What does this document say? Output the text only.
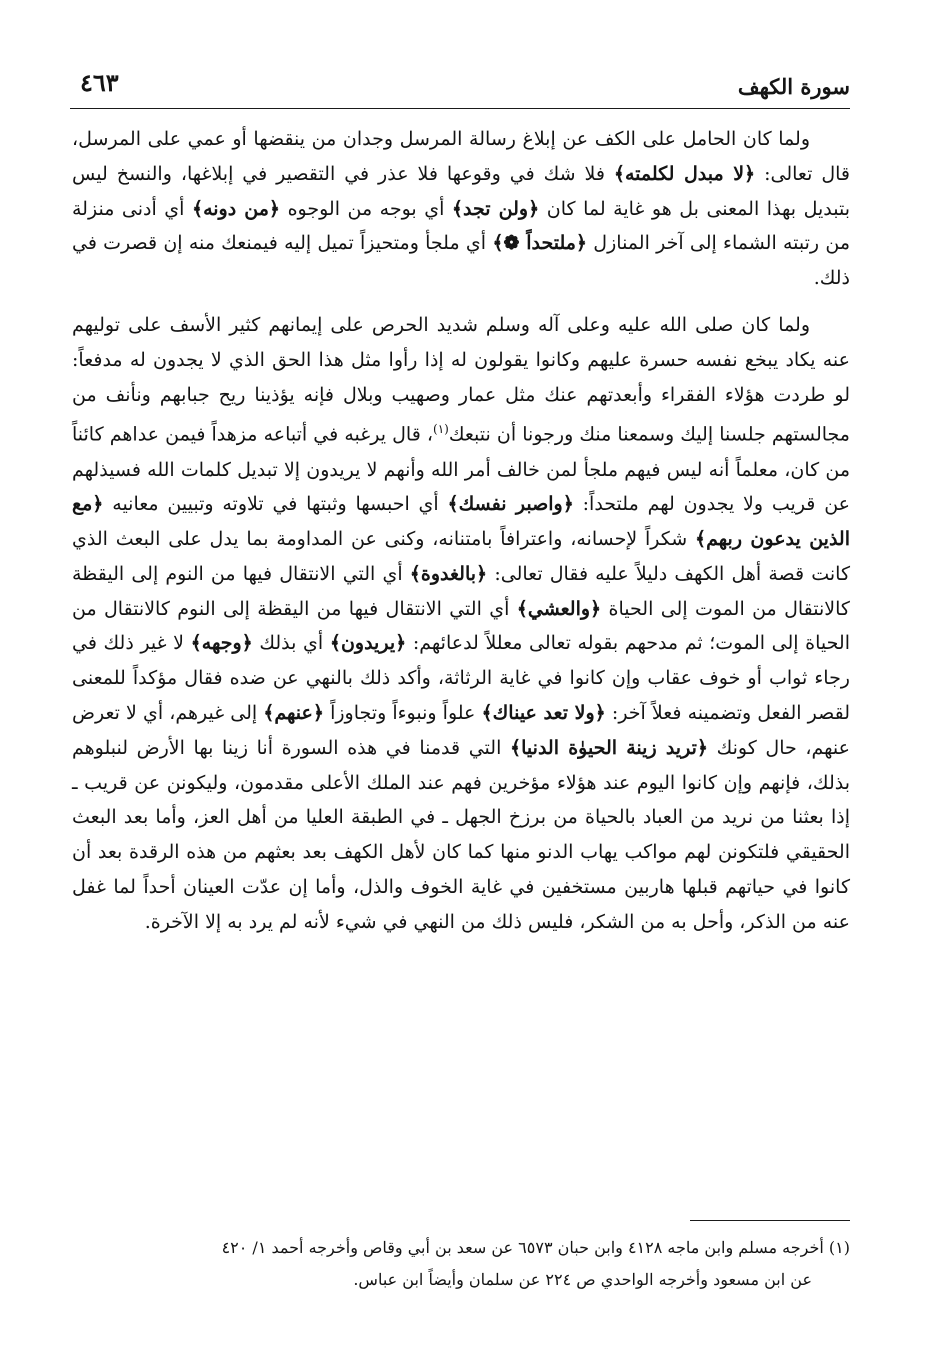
٤٦٣	سورة الكهف

ولما كان الحامل على الكف عن إبلاغ رسالة المرسل وجدان من ينقضها أو عمي على المرسل، قال تعالى: ﴿لا مبدل لكلمته﴾ فلا شك في وقوعها فلا عذر في التقصير في إبلاغها، والنسخ ليس بتبديل بهذا المعنى بل هو غاية لما كان ﴿ولن تجد﴾ أي بوجه من الوجوه ﴿من دونه﴾ أي أدنى منزلة من رتبته الشماء إلى آخر المنازل ﴿ملتحداً ❁﴾ أي ملجأ ومتحيزاً تميل إليه فيمنعك منه إن قصرت في ذلك.

ولما كان صلى الله عليه وعلى آله وسلم شديد الحرص على إيمانهم كثير الأسف على توليهم عنه يكاد يبخع نفسه حسرة عليهم وكانوا يقولون له إذا رأوا مثل هذا الحق الذي لا يجدون له مدفعاً: لو طردت هؤلاء الفقراء وأبعدتهم عنك مثل عمار وصهيب وبلال فإنه يؤذينا ريح جبابهم ونأنف من مجالستهم جلسنا إليك وسمعنا منك ورجونا أن نتبعك$^{(١)}$، قال يرغبه في أتباعه مزهداً فيمن عداهم كائناً من كان، معلماً أنه ليس فيهم ملجأ لمن خالف أمر الله وأنهم لا يريدون إلا تبديل كلمات الله فسيذلهم عن قريب ولا يجدون لهم ملتحداً: ﴿واصبر نفسك﴾ أي احبسها وثبتها في تلاوته وتبيين معانيه ﴿مع الذين يدعون ربهم﴾ شكراً لإحسانه، واعترافاً بامتنانه، وكنى عن المداومة بما يدل على البعث الذي كانت قصة أهل الكهف دليلاً عليه فقال تعالى: ﴿بالغدوة﴾ أي التي الانتقال فيها من النوم إلى اليقظة كالانتقال من الموت إلى الحياة ﴿والعشي﴾ أي التي الانتقال فيها من اليقظة إلى النوم كالانتقال من الحياة إلى الموت؛ ثم مدحهم بقوله تعالى معللاً لدعائهم: ﴿يريدون﴾ أي بذلك ﴿وجهه﴾ لا غير ذلك في رجاء ثواب أو خوف عقاب وإن كانوا في غاية الرثاثة، وأكد ذلك بالنهي عن ضده فقال مؤكداً للمعنى لقصر الفعل وتضمينه فعلاً آخر: ﴿ولا تعد عيناك﴾ علواً ونبوءاً وتجاوزاً ﴿عنهم﴾ إلى غيرهم، أي لا تعرض عنهم، حال كونك ﴿تريد زينة الحيوٰة الدنيا﴾ التي قدمنا في هذه السورة أنا زينا بها الأرض لنبلوهم بذلك، فإنهم وإن كانوا اليوم عند هؤلاء مؤخرين فهم عند الملك الأعلى مقدمون، وليكونن عن قريب ـ إذا بعثنا من نريد من العباد بالحياة من برزخ الجهل ـ في الطبقة العليا من أهل العز، وأما بعد البعث الحقيقي فلتكونن لهم مواكب يهاب الدنو منها كما كان لأهل الكهف بعد بعثهم من هذه الرقدة بعد أن كانوا في حياتهم قبلها هاربين مستخفين في غاية الخوف والذل، وأما إن عدّت العينان أحداً لما غفل عنه من الذكر، وأحل به من الشكر، فليس ذلك من النهي في شيء لأنه لم يرد به إلا الآخرة.

(١) أخرجه مسلم وابن ماجه ٤١٢٨ وابن حبان ٦٥٧٣ عن سعد بن أبي وقاص وأخرجه أحمد ١/ ٤٢٠

عن ابن مسعود وأخرجه الواحدي ص ٢٢٤ عن سلمان وأيضاً ابن عباس.
